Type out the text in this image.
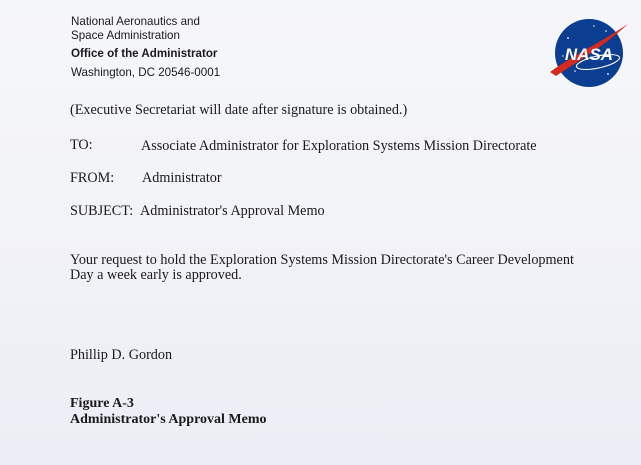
National Aeronautics and
Space Administration
Office of the Administrator
Washington, DC 20546-0001
NASA
(Executive Secretariat will date after signature is obtained.)
TO:	Associate Administrator for Exploration Systems Mission Directorate
FROM: Administrator
SUBJECT: Administrator's Approval Memo
Your request to hold the Exploration Systems Mission Directorate's Career Development
Day a week early is approved.
Phillip D. Gordon
Figure A-3
Administrator's Approval Memo
